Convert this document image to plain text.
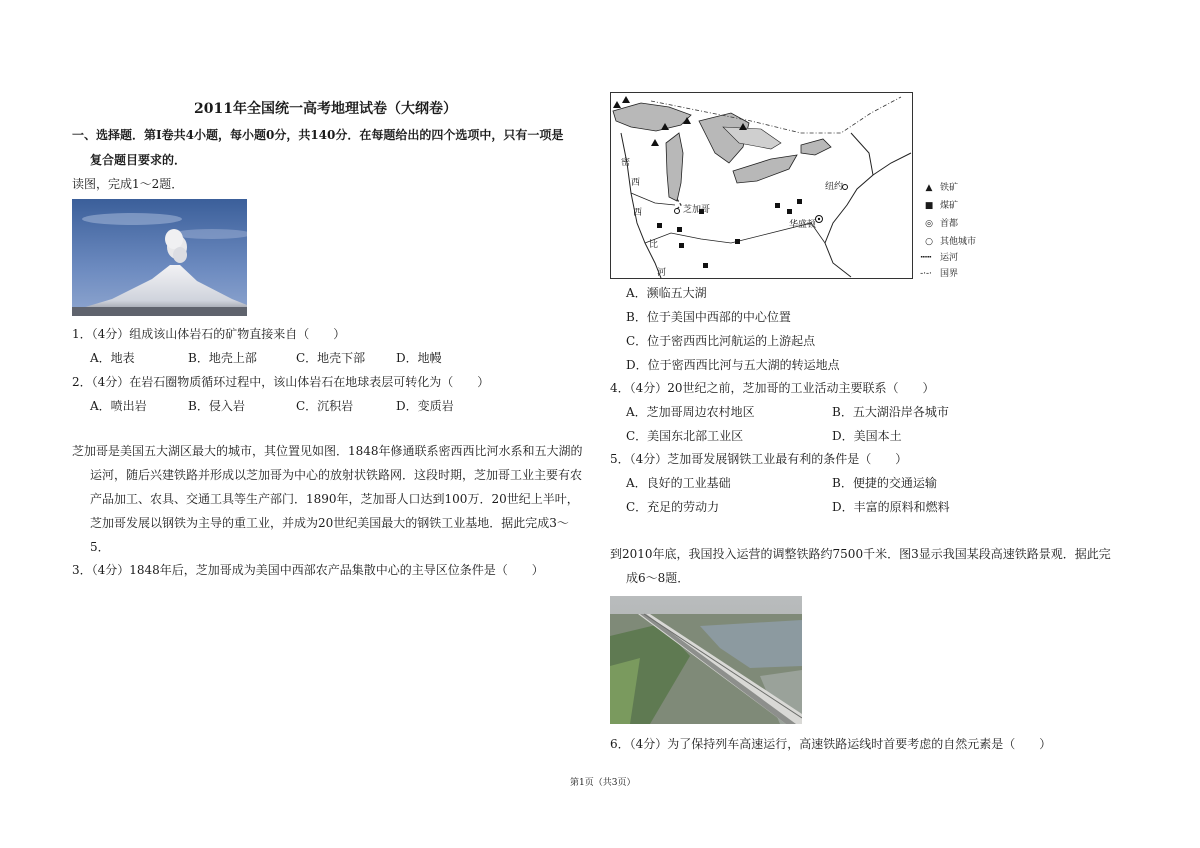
2011年全国统一高考地理试卷（大纲卷）
一、选择题．第Ⅰ卷共4小题，每小题0分，共140分．在每题给出的四个选项中，只有一项是
复合题目要求的．
读图，完成1～2题．
1．（4分）组成该山体岩石的矿物直接来自（　　）
A．地表	B．地壳上部	C．地壳下部	D．地幔
2．（4分）在岩石圈物质循环过程中，该山体岩石在地球表层可转化为（　　）
A．喷出岩	B．侵入岩	C．沉积岩	D．变质岩
芝加哥是美国五大湖区最大的城市，其位置见如图．1848年修通联系密西西比河水系和五大湖的
运河，随后兴建铁路并形成以芝加哥为中心的放射状铁路网．这段时期，芝加哥工业主要有农
产品加工、农具、交通工具等生产部门．1890年，芝加哥人口达到100万．20世纪上半叶，
芝加哥发展以钢铁为主导的重工业，并成为20世纪美国最大的钢铁工业基地．据此完成3～
5．
3．（4分）1848年后，芝加哥成为美国中西部农产品集散中心的主导区位条件是（　　）
密
西
西
比
河
芝加哥
纽约
华盛顿
▲ 铁矿
■ 煤矿
◎ 首都
○ 其他城市
┅┅ 运河
-·-· 国界
A．濒临五大湖
B．位于美国中西部的中心位置
C．位于密西西比河航运的上游起点
D．位于密西西比河与五大湖的转运地点
4．（4分）20世纪之前，芝加哥的工业活动主要联系（　　）
A．芝加哥周边农村地区	B．五大湖沿岸各城市
C．美国东北部工业区	D．美国本土
5．（4分）芝加哥发展钢铁工业最有利的条件是（　　）
A．良好的工业基础	B．便捷的交通运输
C．充足的劳动力	D．丰富的原料和燃料
到2010年底，我国投入运营的调整铁路约7500千米．图3显示我国某段高速铁路景观．据此完
成6～8题．
6．（4分）为了保持列车高速运行，高速铁路运线时首要考虑的自然元素是（　　）
第1页（共3页）
